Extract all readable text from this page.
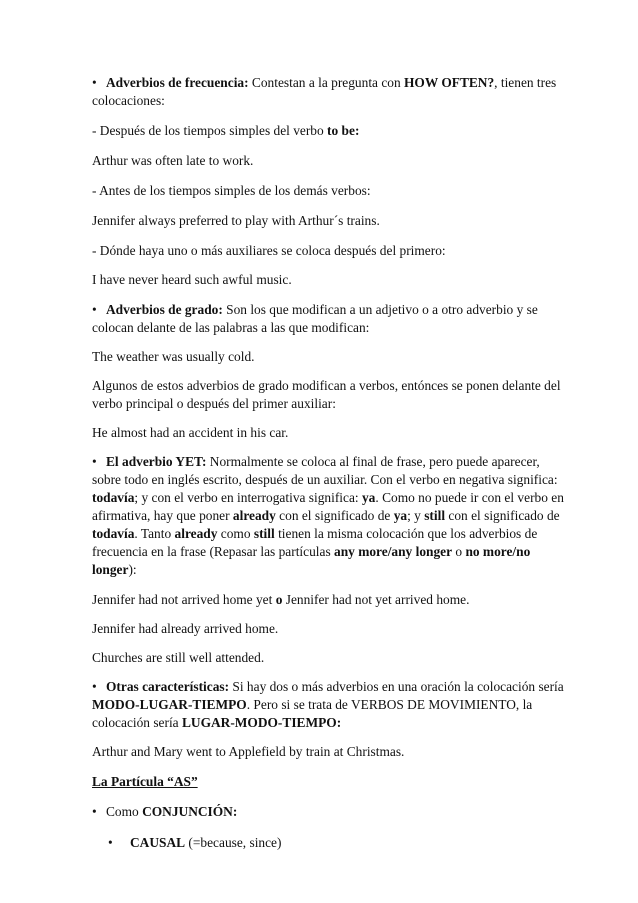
• Adverbios de frecuencia: Contestan a la pregunta con HOW OFTEN?, tienen tres
colocaciones:
- Después de los tiempos simples del verbo to be:
Arthur was often late to work.
- Antes de los tiempos simples de los demás verbos:
Jennifer always preferred to play with Arthur´s trains.
- Dónde haya uno o más auxiliares se coloca después del primero:
I have never heard such awful music.
• Adverbios de grado: Son los que modifican a un adjetivo o a otro adverbio y se
colocan delante de las palabras a las que modifican:
The weather was usually cold.
Algunos de estos adverbios de grado modifican a verbos, entónces se ponen delante del
verbo principal o después del primer auxiliar:
He almost had an accident in his car.
• El adverbio YET: Normalmente se coloca al final de frase, pero puede aparecer,
sobre todo en inglés escrito, después de un auxiliar. Con el verbo en negativa significa:
todavía; y con el verbo en interrogativa significa: ya. Como no puede ir con el verbo en
afirmativa, hay que poner already con el significado de ya; y still con el significado de
todavía. Tanto already como still tienen la misma colocación que los adverbios de
frecuencia en la frase (Repasar las partículas any more/any longer o no more/no
longer):
Jennifer had not arrived home yet o Jennifer had not yet arrived home.
Jennifer had already arrived home.
Churches are still well attended.
• Otras características: Si hay dos o más adverbios en una oración la colocación sería
MODO-LUGAR-TIEMPO. Pero si se trata de VERBOS DE MOVIMIENTO, la
colocación sería LUGAR-MODO-TIEMPO:
Arthur and Mary went to Applefield by train at Christmas.
La Partícula “AS”
• Como CONJUNCIÓN:
• CAUSAL (=because, since)
